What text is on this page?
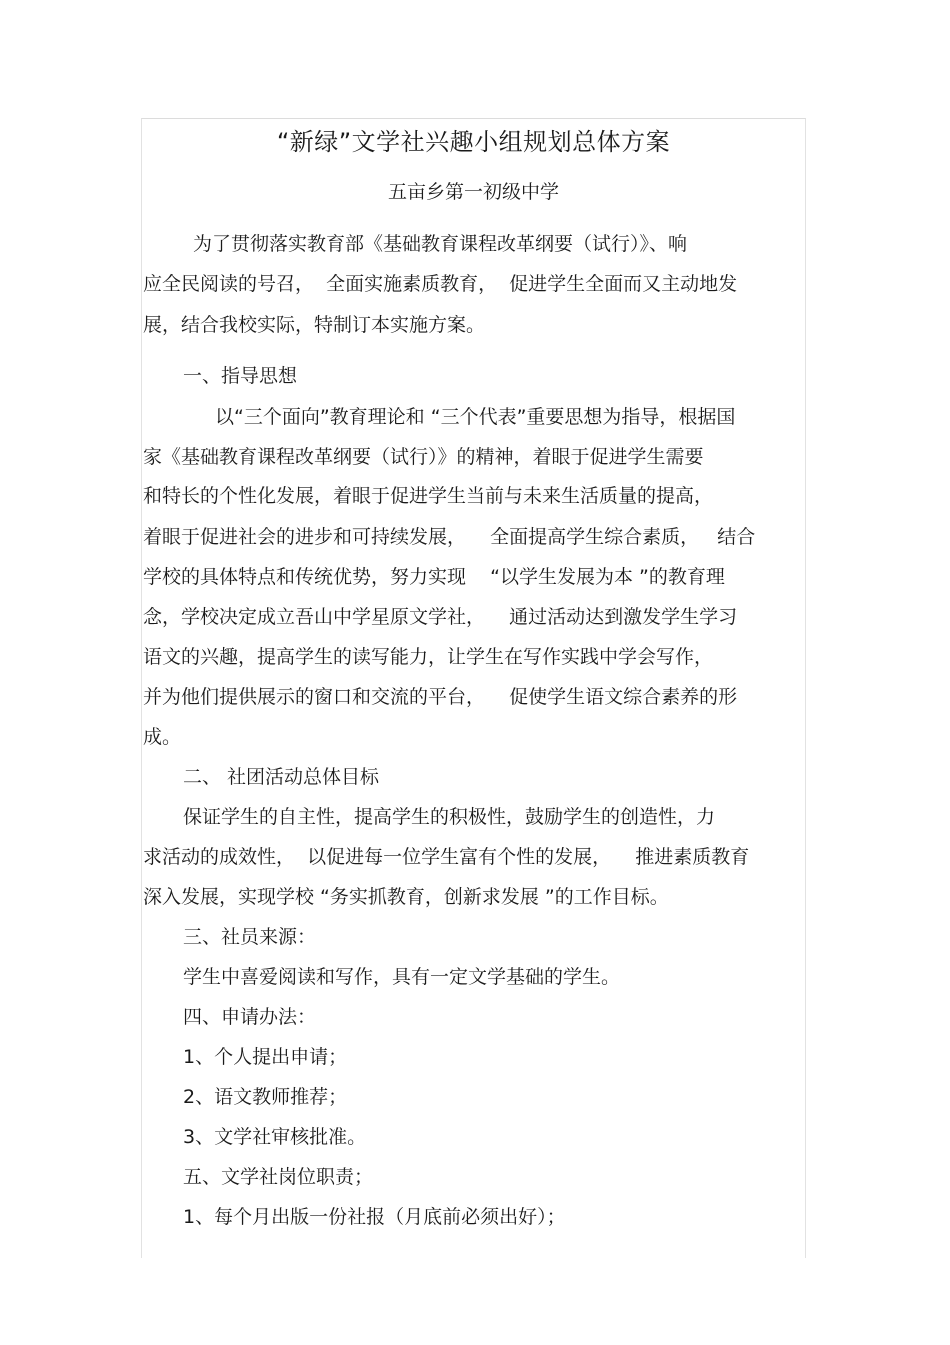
“新绿”文学社兴趣小组规划总体方案
五亩乡第一初级中学
为了贯彻落实教育部《基础教育课程改革纲要（试行）》、响
应全民阅读的号召，  全面实施素质教育，  促进学生全面而又主动地发
展，结合我校实际，特制订本实施方案。
一、指导思想
以“三个面向”教育理论和 “三个代表”重要思想为指导，根据国
家《基础教育课程改革纲要（试行）》的精神，着眼于促进学生需要
和特长的个性化发展，着眼于促进学生当前与未来生活质量的提高，
着眼于促进社会的进步和可持续发展，    全面提高学生综合素质，   结合
学校的具体特点和传统优势，努力实现    “以学生发展为本 ”的教育理
念，学校决定成立吾山中学星原文学社，    通过活动达到激发学生学习
语文的兴趣，提高学生的读写能力，让学生在写作实践中学会写作，
并为他们提供展示的窗口和交流的平台，    促使学生语文综合素养的形
成。
二、 社团活动总体目标
保证学生的自主性，提高学生的积极性，鼓励学生的创造性，力
求活动的成效性，  以促进每一位学生富有个性的发展，    推进素质教育
深入发展，实现学校 “务实抓教育，创新求发展 ”的工作目标。
三、社员来源：
学生中喜爱阅读和写作，具有一定文学基础的学生。
四、申请办法：
1、个人提出申请；
2、语文教师推荐；
3、文学社审核批准。
五、文学社岗位职责；
1、每个月出版一份社报（月底前必须出好）；
